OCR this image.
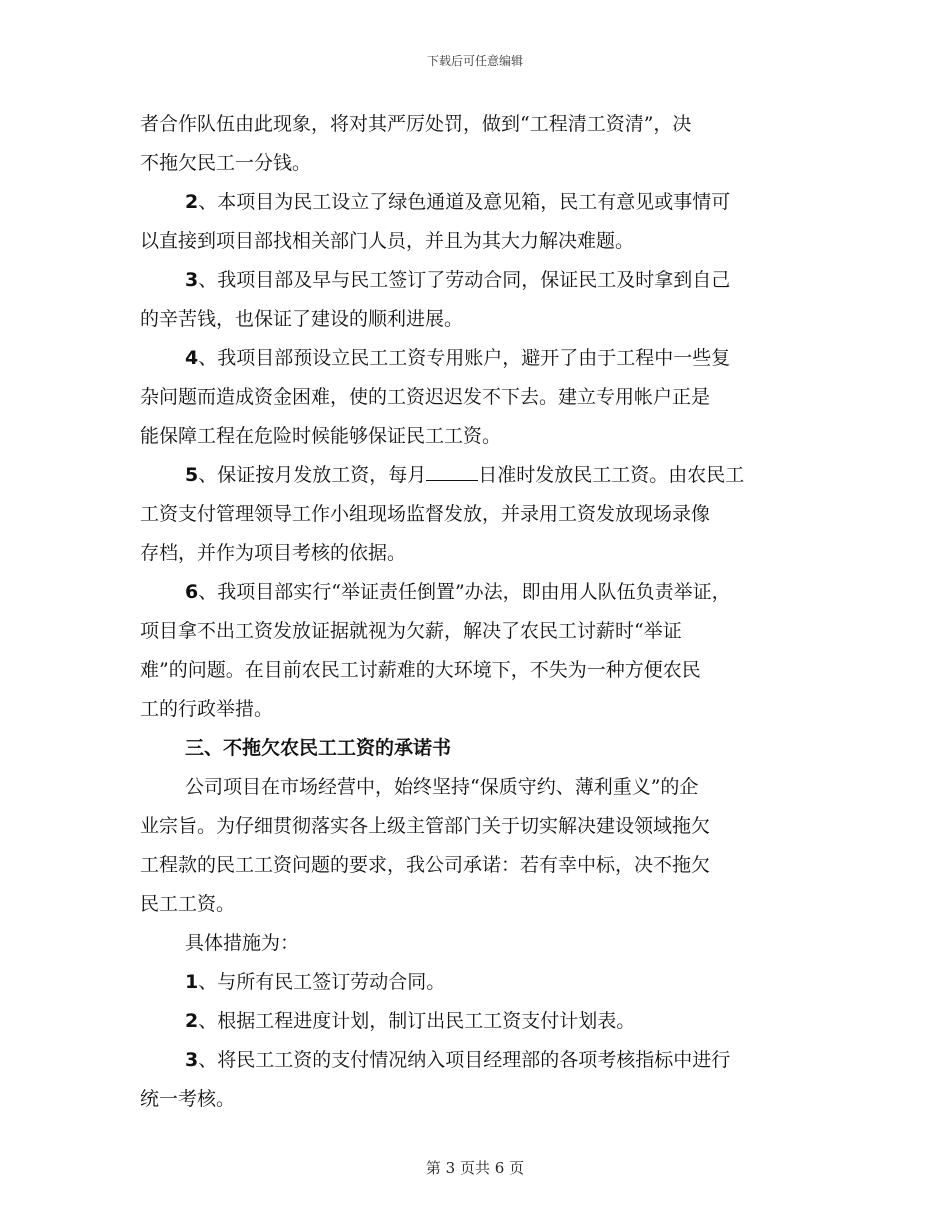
下载后可任意编辑
者合作队伍由此现象，将对其严厉处罚，做到“工程清工资清”，决
不拖欠民工一分钱。
2、本项目为民工设立了绿色通道及意见箱，民工有意见或事情可
以直接到项目部找相关部门人员，并且为其大力解决难题。
3、我项目部及早与民工签订了劳动合同，保证民工及时拿到自己
的辛苦钱，也保证了建设的顺利进展。
4、我项目部预设立民工工资专用账户，避开了由于工程中一些复
杂问题而造成资金困难，使的工资迟迟发不下去。建立专用帐户正是
能保障工程在危险时候能够保证民工工资。
5、保证按月发放工资，每月	日准时发放民工工资。由农民工
工资支付管理领导工作小组现场监督发放，并录用工资发放现场录像
存档，并作为项目考核的依据。
6、我项目部实行“举证责任倒置”办法，即由用人队伍负责举证，
项目拿不出工资发放证据就视为欠薪，解决了农民工讨薪时“举证
难”的问题。在目前农民工讨薪难的大环境下，不失为一种方便农民
工的行政举措。
三、不拖欠农民工工资的承诺书
公司项目在市场经营中，始终坚持“保质守约、薄利重义”的企
业宗旨。为仔细贯彻落实各上级主管部门关于切实解决建设领域拖欠
工程款的民工工资问题的要求，我公司承诺：若有幸中标，决不拖欠
民工工资。
具体措施为：
1、与所有民工签订劳动合同。
2、根据工程进度计划，制订出民工工资支付计划表。
3、将民工工资的支付情况纳入项目经理部的各项考核指标中进行
统一考核。
第 3 页共 6 页
